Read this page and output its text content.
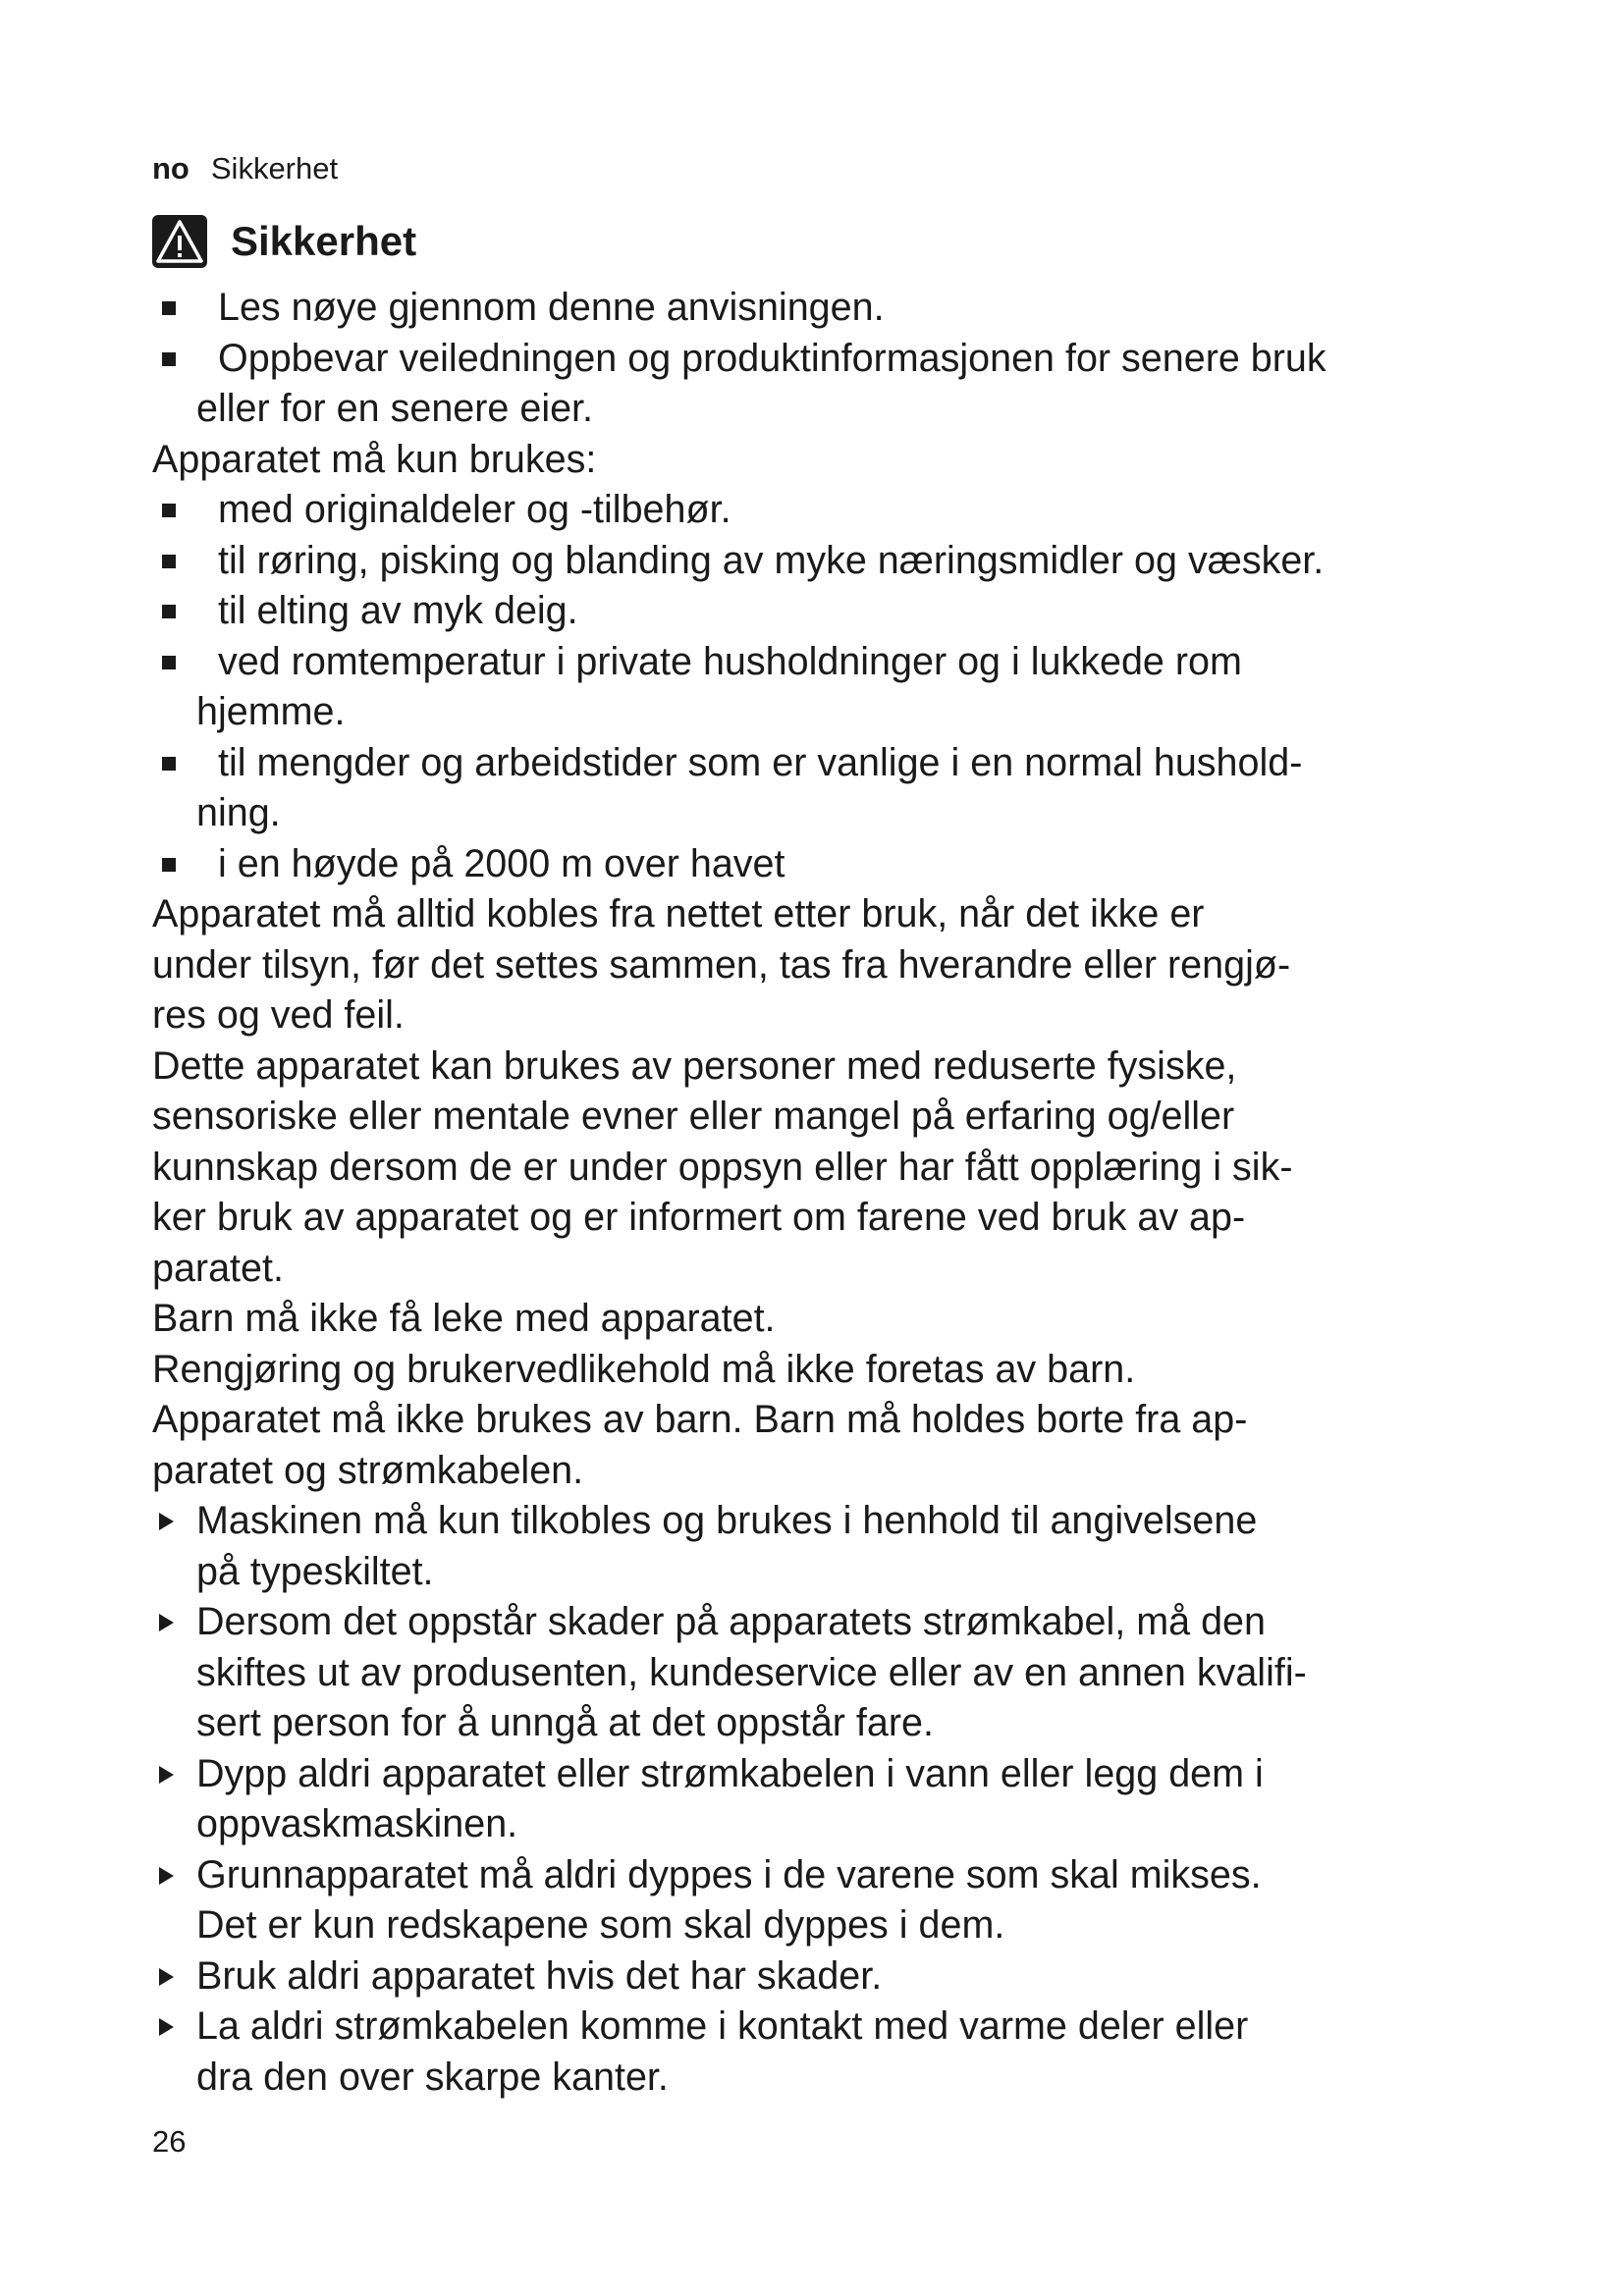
no Sikkerhet
Sikkerhet
Les nøye gjennom denne anvisningen.
Oppbevar veiledningen og produktinformasjonen for senere bruk
eller for en senere eier.

Apparatet må kun brukes:

med originaldeler og -tilbehør.
til røring, pisking og blanding av myke næringsmidler og væsker.
til elting av myk deig.
ved romtemperatur i private husholdninger og i lukkede rom
hjemme.
til mengder og arbeidstider som er vanlige i en normal hushold-
ning.
i en høyde på 2000 m over havet

Apparatet må alltid kobles fra nettet etter bruk, når det ikke er
under tilsyn, før det settes sammen, tas fra hverandre eller rengjø-
res og ved feil.

Dette apparatet kan brukes av personer med reduserte fysiske,
sensoriske eller mentale evner eller mangel på erfaring og/eller
kunnskap dersom de er under oppsyn eller har fått opplæring i sik-
ker bruk av apparatet og er informert om farene ved bruk av ap-
paratet.

Barn må ikke få leke med apparatet.

Rengjøring og brukervedlikehold må ikke foretas av barn.

Apparatet må ikke brukes av barn. Barn må holdes borte fra ap-
paratet og strømkabelen.

Maskinen må kun tilkobles og brukes i henhold til angivelsene
på typeskiltet.
Dersom det oppstår skader på apparatets strømkabel, må den
skiftes ut av produsenten, kundeservice eller av en annen kvalifi-
sert person for å unngå at det oppstår fare.
Dypp aldri apparatet eller strømkabelen i vann eller legg dem i
oppvaskmaskinen.
Grunnapparatet må aldri dyppes i de varene som skal mikses.
Det er kun redskapene som skal dyppes i dem.
Bruk aldri apparatet hvis det har skader.
La aldri strømkabelen komme i kontakt med varme deler eller
dra den over skarpe kanter.
26
